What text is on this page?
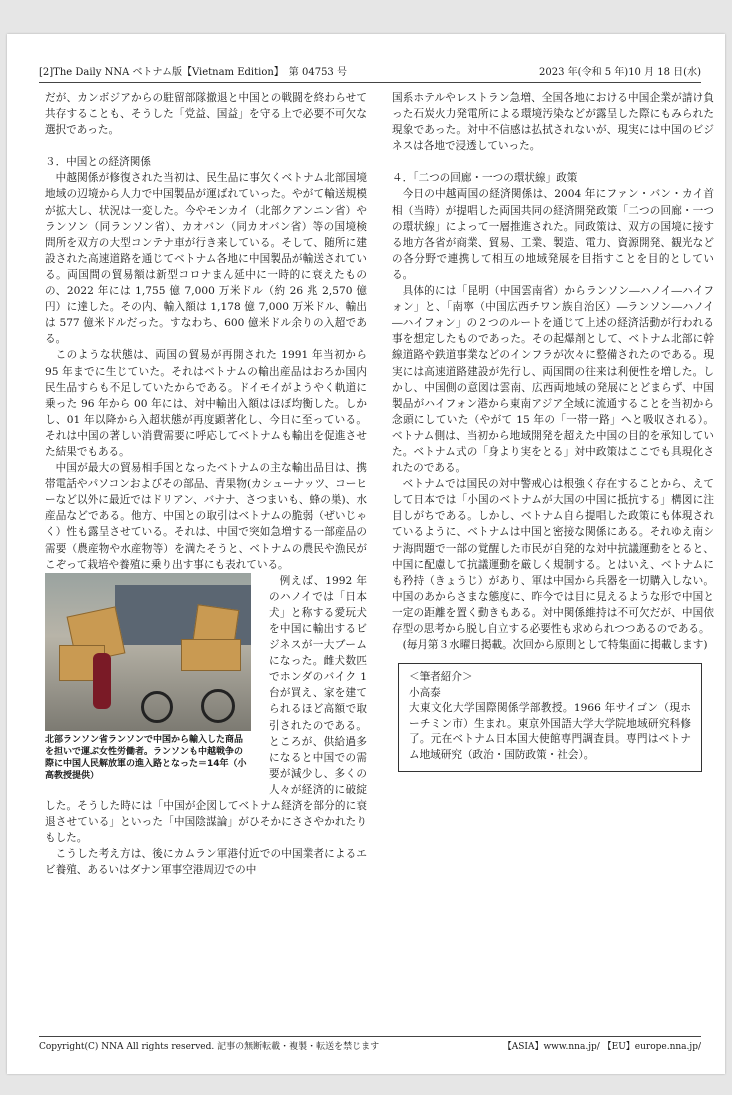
[2]The Daily NNA ベトナム版【Vietnam Edition】　第 04753 号	2023 年(令和 5 年)10 月 18 日(水)

だが、カンボジアからの駐留部隊撤退と中国との戦闘を終わらせて共存することも、そうした「党益、国益」を守る上で必要不可欠な選択であった。

３．中国との経済関係

中越関係が修復された当初は、民生品に事欠くベトナム北部国境地域の辺境から人力で中国製品が運ばれていった。やがて輸送規模が拡大し、状況は一変した。今やモンカイ（北部クアンニン省）やランソン（同ランソン省）、カオバン（同カオバン省）等の国境検問所を双方の大型コンテナ車が行き来している。そして、随所に建設された高速道路を通じてベトナム各地に中国製品が輸送されている。両国間の貿易額は新型コロナまん延中に一時的に衰えたものの、2022 年には 1,755 億 7,000 万米ドル（約 26 兆 2,570 億円）に達した。その内、輸入額は 1,178 億 7,000 万米ドル、輸出は 577 億米ドルだった。すなわち、600 億米ドル余りの入超である。

このような状態は、両国の貿易が再開された 1991 年当初から 95 年までに生じていた。それはベトナムの輸出産品はおろか国内民生品すらも不足していたからである。ドイモイがようやく軌道に乗った 96 年から 00 年には、対中輸出入額はほぼ均衡した。しかし、01 年以降から入超状態が再度顕著化し、今日に至っている。それは中国の著しい消費需要に呼応してベトナムも輸出を促進させた結果でもある。

中国が最大の貿易相手国となったベトナムの主な輸出品目は、携帯電話やパソコンおよびその部品、青果物(カシューナッツ、コーヒーなど以外に最近ではドリアン、バナナ、さつまいも、蜂の巣)、水産品などである。他方、中国との取引はベトナムの脆弱（ぜいじゃく）性も露呈させている。それは、中国で突如急増する一部産品の需要（農産物や水産物等）を満たそうと、ベトナムの農民や漁民がこぞって栽培や養殖に乗り出す事にも表れている。

北部ランソン省ランソンで中国から輸入した商品を担いで運ぶ女性労働者。ランソンも中越戦争の際に中国人民解放軍の進入路となった＝14年（小高教授提供）

例えば、1992 年のハノイでは「日本犬」と称する愛玩犬を中国に輸出するビジネスが一大ブームになった。雌犬数匹でホンダのバイク 1 台が買え、家を建てられるほど高額で取引されたのである。ところが、供給過多になると中国での需要が減少し、多くの人々が経済的に破綻した。そうした時には「中国が企図してベトナム経済を部分的に衰退させている」といった「中国陰謀論」がひそかにささやかれたりもした。

こうした考え方は、後にカムラン軍港付近での中国業者によるエビ養殖、あるいはダナン軍事空港周辺での中

国系ホテルやレストラン急増、全国各地における中国企業が請け負った石炭火力発電所による環境汚染などが露呈した際にもみられた現象であった。対中不信感は払拭されないが、現実には中国のビジネスは各地で浸透していった。

４．「二つの回廊・一つの環状線」政策

今日の中越両国の経済関係は、2004 年にファン・バン・カイ首相（当時）が提唱した両国共同の経済開発政策「二つの回廊・一つの環状線」によって一層推進された。同政策は、双方の国境に接する地方各省が商業、貿易、工業、製造、電力、資源開発、観光などの各分野で連携して相互の地域発展を目指すことを目的としている。

具体的には「昆明（中国雲南省）からランソン―ハノイ―ハイフォン」と、「南寧（中国広西チワン族自治区）―ランソン―ハノイ―ハイフォン」の２つのルートを通じて上述の経済活動が行われる事を想定したものであった。その起爆剤として、ベトナム北部に幹線道路や鉄道事業などのインフラが次々に整備されたのである。現実には高速道路建設が先行し、両国間の往来は利便性を増した。しかし、中国側の意図は雲南、広西両地域の発展にとどまらず、中国製品がハイフォン港から東南アジア全域に流通することを当初から念頭にしていた（やがて 15 年の「一帯一路」へと吸収される）。ベトナム側は、当初から地域開発を超えた中国の目的を承知していた。ベトナム式の「身より実をとる」対中政策はここでも具現化されたのである。

ベトナムでは国民の対中警戒心は根強く存在することから、えてして日本では「小国のベトナムが大国の中国に抵抗する」構図に注目しがちである。しかし、ベトナム自ら提唱した政策にも体現されているように、ベトナムは中国と密接な関係にある。それゆえ南シナ海問題で一部の覚醒した市民が自発的な対中抗議運動をとると、中国に配慮して抗議運動を厳しく規制する。とはいえ、ベトナムにも矜持（きょうじ）があり、軍は中国から兵器を一切購入しない。中国のあからさまな態度に、昨今では目に見えるような形で中国と一定の距離を置く動きもある。対中関係維持は不可欠だが、中国依存型の思考から脱し自立する必要性も求められつつあるのである。

(毎月第３水曜日掲載。次回から原則として特集面に掲載します)

＜筆者紹介＞
小高泰
大東文化大学国際関係学部教授。1966 年サイゴン（現ホーチミン市）生まれ。東京外国語大学大学院地域研究科修了。元在ベトナム日本国大使館専門調査員。専門はベトナム地域研究（政治・国防政策・社会）。
Copyright(C) NNA All rights reserved. 記事の無断転載・複製・転送を禁じます	【ASIA】www.nna.jp/ 【EU】europe.nna.jp/
